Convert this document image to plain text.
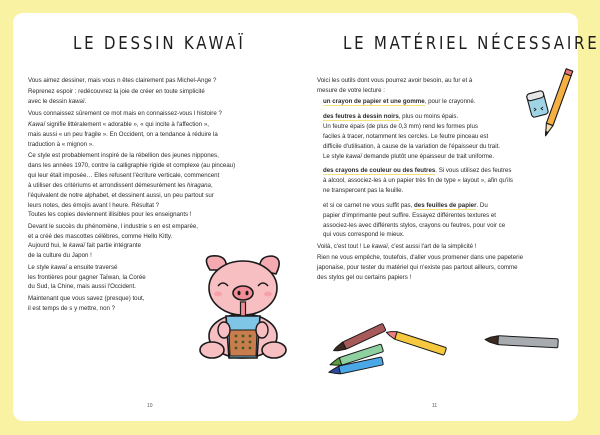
LE DESSIN KAWAÏ

Vous aimez dessiner, mais vous n êtes clairement pas Michel-Ange ?

Reprenez espoir : redécouvrez la joie de créer en toute simplicité
avec le dessin kawaï.

Vous connaissez sûrement ce mot mais en connaissez-vous l histoire ?

Kawaï signifie littéralement « adorable », « qui incite à l'affection »,
mais aussi « un peu fragile ». En Occident, on a tendance à réduire la
traduction à « mignon ».

Ce style est probablement inspiré de la rébellion des jeunes nippones,
dans les années 1970, contre la calligraphie rigide et complexe (au pinceau)
qui leur était imposée… Elles refusent l'écriture verticale, commencent
à utiliser des critériums et arrondissent démesurément les hiragana,
l'équivalent de notre alphabet, et dessinent aussi, un peu partout sur
leurs notes, des émojis avant l heure. Résultat ?
Toutes les copies deviennent illisibles pour les enseignants !

Devant le succès du phénomène, l industrie s en est emparée,
et a créé des mascottes célèbres, comme Hello Kitty.
Aujourd hui, le kawaï fait partie intégrante
de la culture du Japon !

Le style kawaï a ensuite traversé
les frontières pour gagner Taïwan, la Corée
du Sud, la Chine, mais aussi l'Occident.

Maintenant que vous savez (presque) tout,
il est temps de s y mettre, non ?

10
LE MATÉRIEL NÉCESSAIRE

Voici les outils dont vous pourrez avoir besoin, au fur et à
mesure de votre lecture :

un crayon de papier et une gomme, pour le crayonné.

des feutres à dessin noirs, plus ou moins épais.
Un feutre épais (de plus de 0,3 mm) rend les formes plus
faciles à tracer, notamment les cercles. Le feutre pinceau est
difficile d'utilisation, à cause de la variation de l'épaisseur du trait.
Le style kawaï demande plutôt une épaisseur de trait uniforme.

des crayons de couleur ou des feutres. Si vous utilisez des feutres
à alcool, associez-les à un papier très fin de type « layout », afin qu'ils
ne transpercent pas la feuille.

et si ce carnet ne vous suffit pas, des feuilles de papier. Du
papier d'imprimante peut suffire. Essayez différentes textures et
associez-les avec différents stylos, crayons ou feutres, pour voir ce
qui vous correspond le mieux.

Voilà, c'est tout ! Le kawaï, c'est aussi l'art de la simplicité !

Rien ne vous empêche, toutefois, d'aller vous promener dans une papeterie
japonaise, pour tester du matériel qui n'existe pas partout ailleurs, comme
des stylos gel ou certains papiers !

11
